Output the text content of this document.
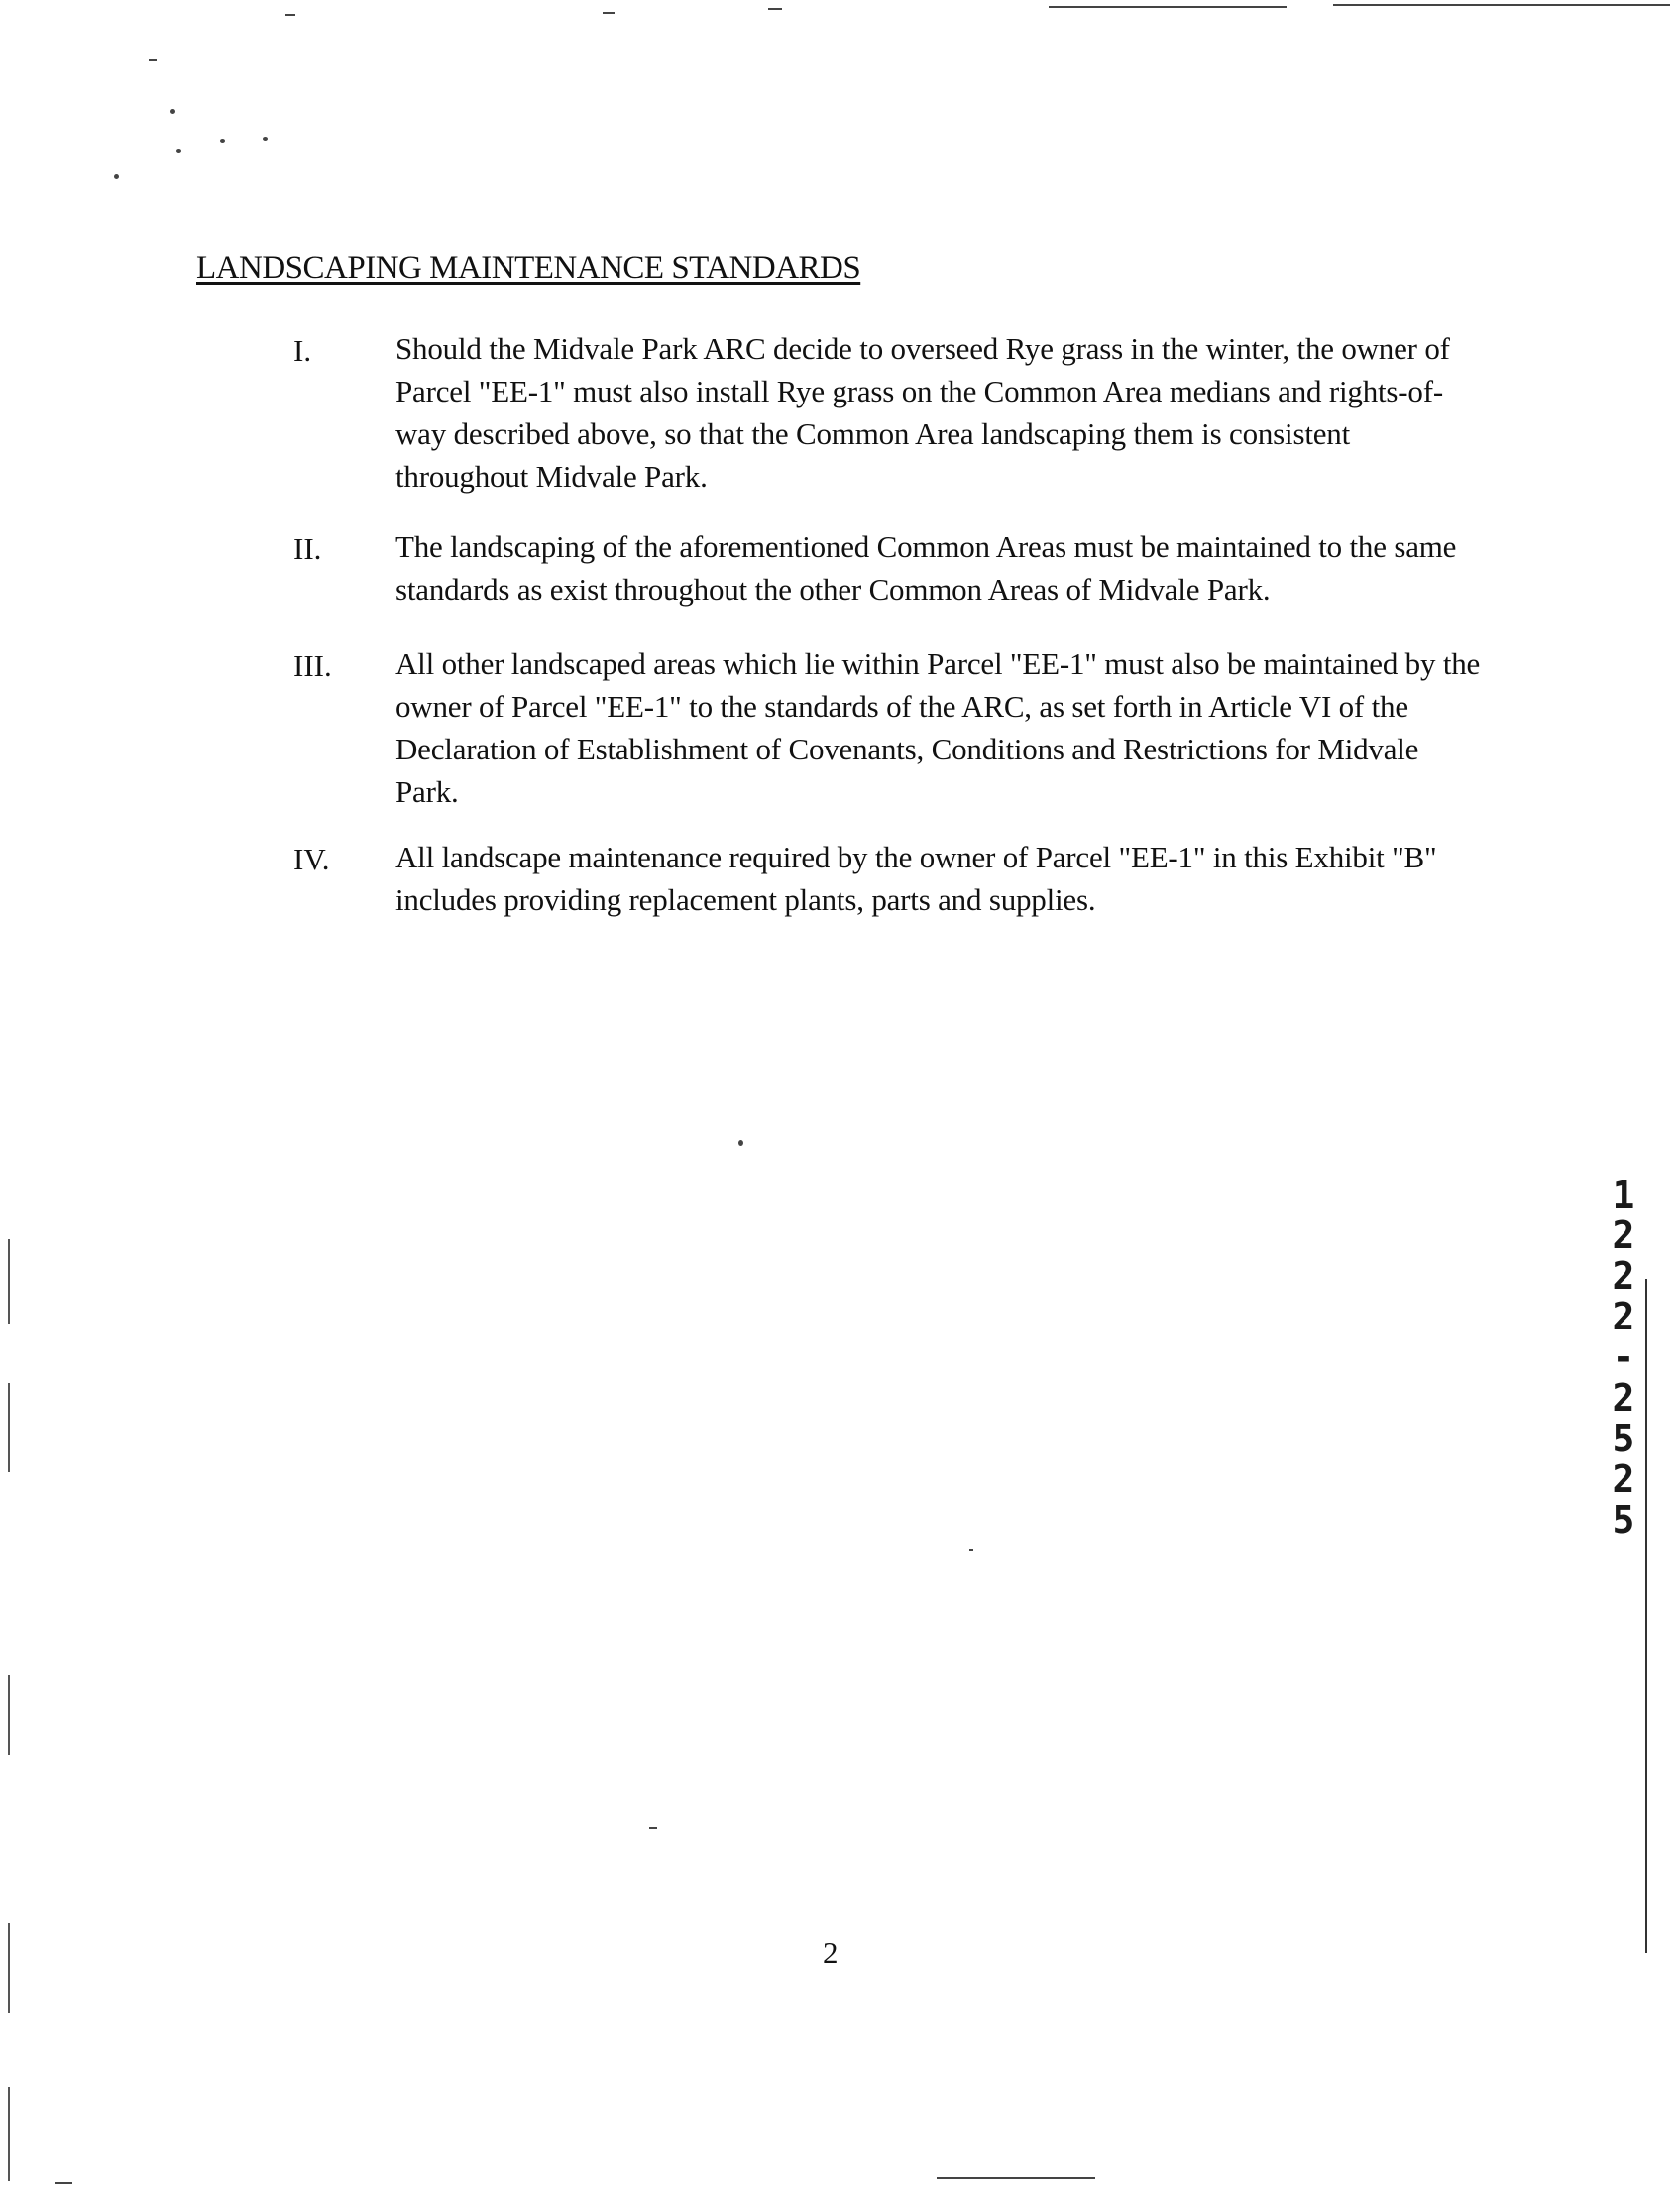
LANDSCAPING MAINTENANCE STANDARDS
I.	Should the Midvale Park ARC decide to overseed Rye grass in the winter, the owner of Parcel "EE-1" must also install Rye grass on the Common Area medians and rights-of-way described above, so that the Common Area landscaping them is consistent throughout Midvale Park.
II. The landscaping of the aforementioned Common Areas must be maintained to the same standards as exist throughout the other Common Areas of Midvale Park.
III. All other landscaped areas which lie within Parcel "EE-1" must also be maintained by the owner of Parcel "EE-1" to the standards of the ARC, as set forth in Article VI of the Declaration of Establishment of Covenants, Conditions and Restrictions for Midvale Park.
IV. All landscape maintenance required by the owner of Parcel "EE-1" in this Exhibit "B" includes providing replacement plants, parts and supplies.
2
1
2
2
2
-
2
5
2
5
